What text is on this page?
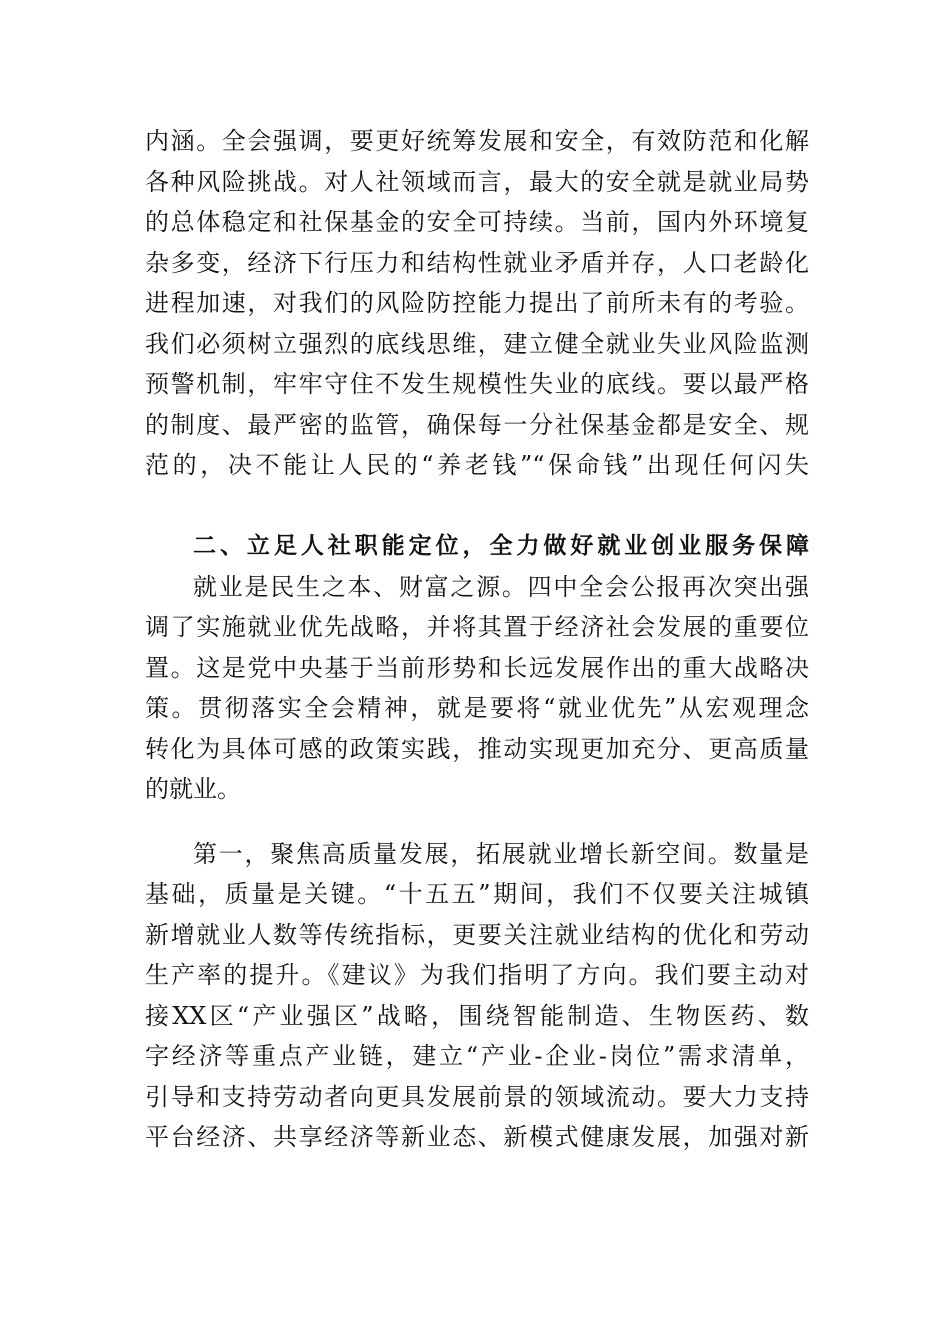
内涵。全会强调，要更好统筹发展和安全，有效防范和化解
各种风险挑战。对人社领域而言，最大的安全就是就业局势
的总体稳定和社保基金的安全可持续。当前，国内外环境复
杂多变，经济下行压力和结构性就业矛盾并存，人口老龄化
进程加速，对我们的风险防控能力提出了前所未有的考验。
我们必须树立强烈的底线思维，建立健全就业失业风险监测
预警机制，牢牢守住不发生规模性失业的底线。要以最严格
的制度、最严密的监管，确保每一分社保基金都是安全、规
范的，决不能让人民的“养老钱”“保命钱”出现任何闪失
二、立足人社职能定位，全力做好就业创业服务保障
就业是民生之本、财富之源。四中全会公报再次突出强
调了实施就业优先战略，并将其置于经济社会发展的重要位
置。这是党中央基于当前形势和长远发展作出的重大战略决
策。贯彻落实全会精神，就是要将“就业优先”从宏观理念
转化为具体可感的政策实践，推动实现更加充分、更高质量
的就业。
第一，聚焦高质量发展，拓展就业增长新空间。数量是
基础，质量是关键。“十五五”期间，我们不仅要关注城镇
新增就业人数等传统指标，更要关注就业结构的优化和劳动
生产率的提升。《建议》为我们指明了方向。我们要主动对
接XX区“产业强区”战略，围绕智能制造、生物医药、数
字经济等重点产业链，建立“产业-企业-岗位”需求清单，
引导和支持劳动者向更具发展前景的领域流动。要大力支持
平台经济、共享经济等新业态、新模式健康发展，加强对新
